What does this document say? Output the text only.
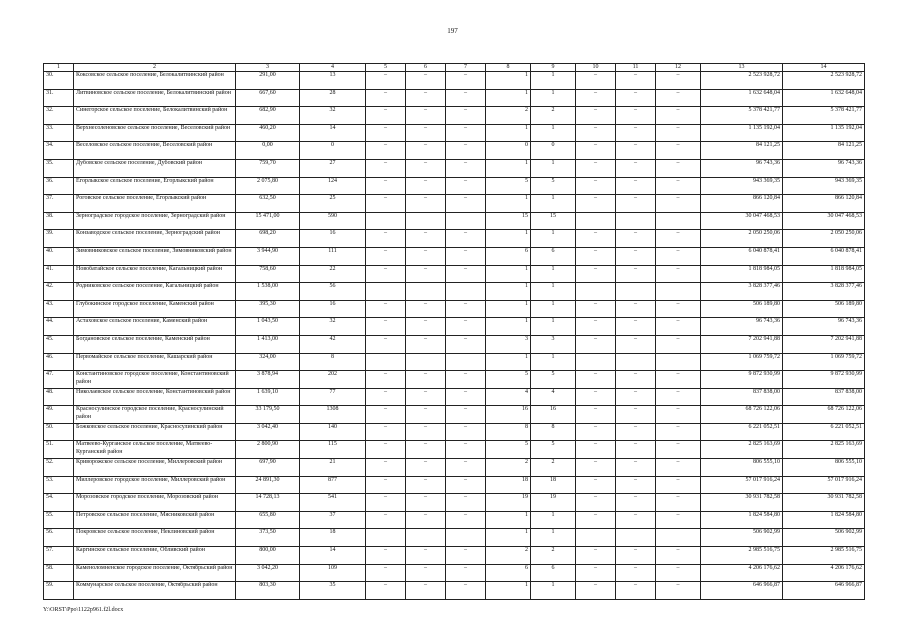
197
1	2	3	4	5	6	7	8	9	10	11	12	13	14
30.	Коксовское сельское поселение, Белокалитвинский район	291,00	13	–	–	–	1	1	–	–	–	2 523 928,72	2 523 928,72
31.	Литвиновское сельское поселение, Белокалитвинский район	667,60	28	–	–	–	1	1	–	–	–	1 632 648,04	1 632 648,04
32.	Синегорское сельское поселение, Белокалитвинский район	682,90	32	–	–	–	2	2	–	–	–	5 378 421,77	5 378 421,77
33.	Верхнесоленовское сельское поселение, Веселовский район	460,20	14	–	–	–	1	1	–	–	–	1 135 192,04	1 135 192,04
34.	Веселовское сельское поселение, Веселовский район	0,00	0	–	–	–	0	0	–	–	–	84 121,25	84 121,25
35.	Дубовское сельское поселение, Дубовский район	759,70	27	–	–	–	1	1	–	–	–	96 743,36	96 743,36
36.	Егорлыкское сельское поселение, Егорлыкский район	2 075,80	124	–	–	–	5	5	–	–	–	943 369,35	943 369,35
37.	Роговское сельское поселение, Егорлыкский район	632,50	25	–	–	–	1	1	–	–	–	866 120,84	866 120,84
38.	Зерноградское городское поселение, Зерноградский район	15 471,00	590				15	15				30 047 468,53	30 047 468,53
39.	Конзаводское сельское поселение, Зерноградский район	698,20	16	–	–	–	1	1	–	–	–	2 050 250,06	2 050 250,06
40.	Зимовниковское сельское поселение, Зимовниковский район	3 944,90	111	–	–	–	6	6	–	–	–	6 040 878,41	6 040 878,41
41.	Новобатайское сельское поселение, Кагальницкий район	758,60	22	–	–	–	1	1	–	–	–	1 818 984,05	1 818 984,05
42.	Родниковское сельское поселение, Кагальницкий район	1 538,00	56				1	1				3 828 377,46	3 828 377,46
43.	Глубокинское городское поселение, Каменский район	395,30	16	–	–	–	1	1	–	–	–	506 189,80	506 189,80
44.	Астаховское сельское поселение, Каменский район	1 043,50	32	–	–	–	1	1	–	–	–	96 743,36	96 743,36
45.	Богдановское сельское поселение, Каменский район	1 413,00	42	–	–	–	3	3	–	–	–	7 202 941,88	7 202 941,88
46.	Первомайское сельское поселение, Кашарский район	324,00	8				1	1				1 069 759,72	1 069 759,72
47.	Константиновское городское поселение, Константиновский район	3 878,94	202	–	–	–	5	5	–	–	–	9 872 930,99	9 872 930,99
48.	Николаевское сельское поселение, Константиновский район	1 639,10	77	–	–	–	4	4	–	–	–	837 838,00	837 838,00
49.	Красносулинское городское поселение, Красносулинский район	33 179,50	1308	–	–	–	16	16	–	–	–	68 726 122,06	68 726 122,06
50.	Божковское сельское поселение, Красносулинский район	3 042,40	140	–	–	–	8	8	–	–	–	6 221 052,51	6 221 052,51
51.	Матвеево-Курганское сельское поселение, Матвеево-Курганский район	2 800,90	115	–	–	–	5	5	–	–	–	2 825 163,69	2 825 163,69
52.	Криворожское сельское поселение, Миллеровский район	697,90	21	–	–	–	2	2	–	–	–	806 555,10	806 555,10
53.	Миллеровское городское поселение, Миллеровский район	24 891,30	877	–	–	–	18	18	–	–	–	57 017 916,24	57 017 916,24
54.	Морозовское городское поселение, Морозовский район	14 728,13	541	–	–	–	19	19	–	–	–	30 931 782,58	30 931 782,58
55.	Петровское сельское поселение, Мясниковский район	655,80	37	–	–	–	1	1	–	–	–	1 824 584,80	1 824 584,80
56.	Покровское сельское поселение, Неклиновский район	373,50	18				1	1				506 902,99	506 902,99
57.	Каргинское сельское поселение, Обливский район	800,00	14	–	–	–	2	2	–	–	–	2 985 516,75	2 985 516,75
58.	Каменоломненское городское поселение, Октябрьский район	3 042,20	109	–	–	–	6	6	–	–	–	4 206 176,62	4 206 176,62
59.	Коммунарское сельское поселение, Октябрьский район	803,30	35	–	–	–	1	1	–	–	–	646 966,87	646 966,87
Y:\ORST\Ppo\1122p961.f2l.docx
